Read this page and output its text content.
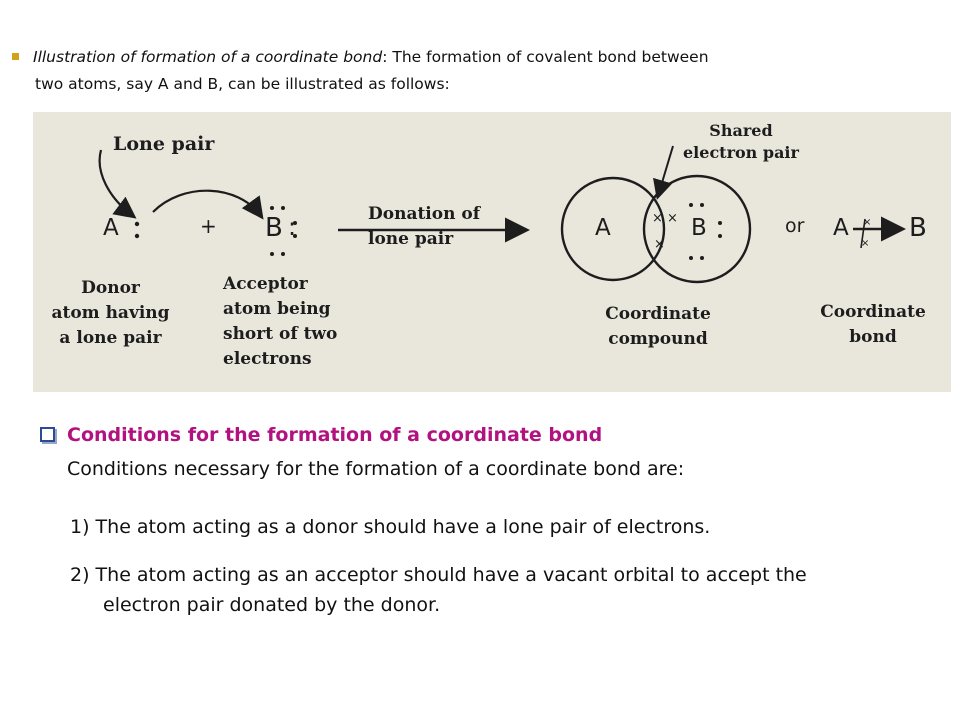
Illustration of formation of a coordinate bond: The formation of covalent bond between
two atoms, say A and B, can be illustrated as follows:
× ×
×
×
×
Lone pair
A	+ B :	Donation of
lone pair
Shared
electron pair
A	B	or A B
Donor
atom having
a lone pair
Acceptor
atom being
short of two
electrons
Coordinate
compound
Coordinate
bond
Conditions for the formation of a coordinate bond
Conditions necessary for the formation of a coordinate bond are:
1) The atom acting as a donor should have a lone pair of electrons.
2) The atom acting as an acceptor should have a vacant orbital to accept the
electron pair donated by the donor.
